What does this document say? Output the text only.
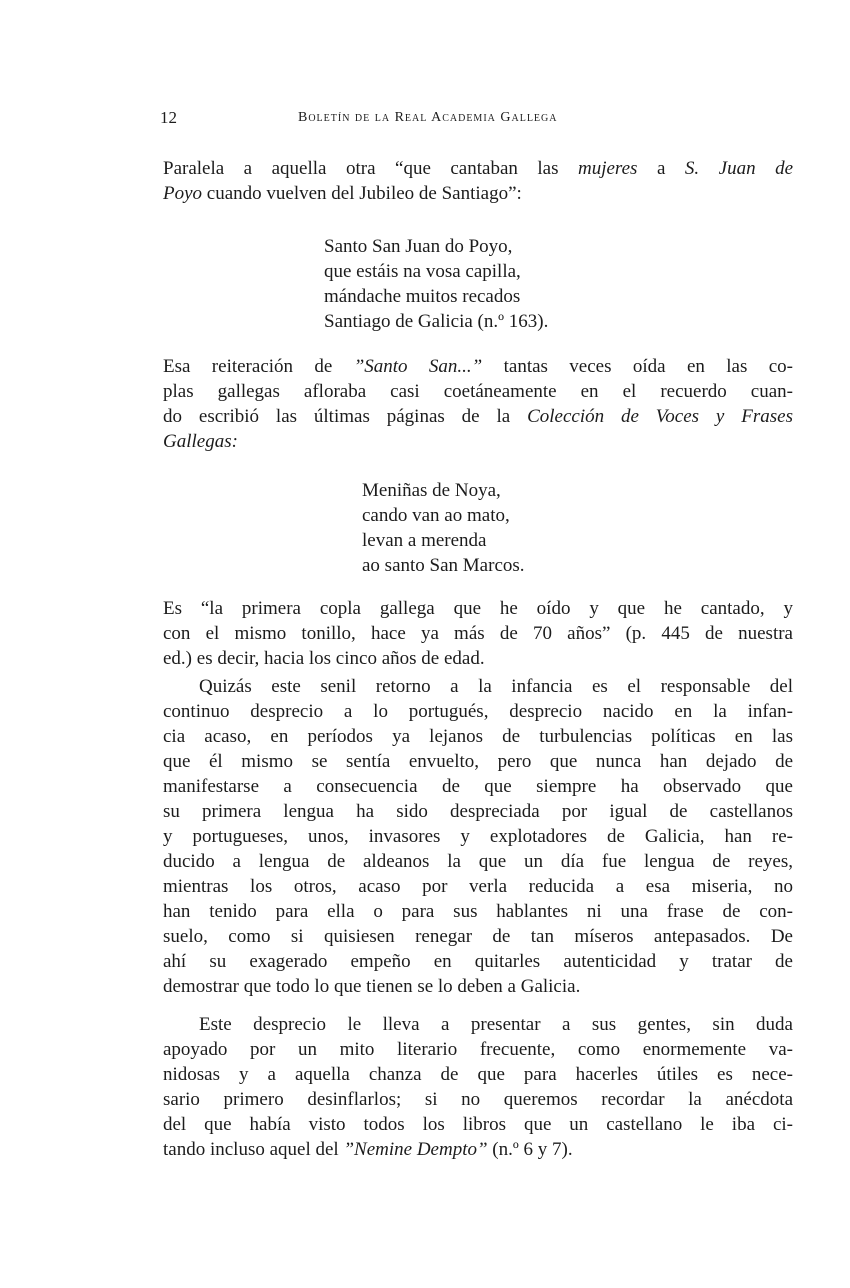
12	Boletín de la Real Academia Gallega
Paralela a aquella otra “que cantaban las mujeres a S. Juan de
Poyo cuando vuelven del Jubileo de Santiago”:
Santo San Juan do Poyo,
que estáis na vosa capilla,
mándache muitos recados
Santiago de Galicia (n.º 163).
Esa reiteración de ”Santo San...” tantas veces oída en las co-
plas gallegas afloraba casi coetáneamente en el recuerdo cuan-
do escribió las últimas páginas de la Colección de Voces y Frases
Gallegas:
Meniñas de Noya,
cando van ao mato,
levan a merenda
ao santo San Marcos.
Es “la primera copla gallega que he oído y que he cantado, y
con el mismo tonillo, hace ya más de 70 años” (p. 445 de nuestra
ed.) es decir, hacia los cinco años de edad.
Quizás este senil retorno a la infancia es el responsable del
continuo desprecio a lo portugués, desprecio nacido en la infan-
cia acaso, en períodos ya lejanos de turbulencias políticas en las
que él mismo se sentía envuelto, pero que nunca han dejado de
manifestarse a consecuencia de que siempre ha observado que
su primera lengua ha sido despreciada por igual de castellanos
y portugueses, unos, invasores y explotadores de Galicia, han re-
ducido a lengua de aldeanos la que un día fue lengua de reyes,
mientras los otros, acaso por verla reducida a esa miseria, no
han tenido para ella o para sus hablantes ni una frase de con-
suelo, como si quisiesen renegar de tan míseros antepasados. De
ahí su exagerado empeño en quitarles autenticidad y tratar de
demostrar que todo lo que tienen se lo deben a Galicia.
Este desprecio le lleva a presentar a sus gentes, sin duda
apoyado por un mito literario frecuente, como enormemente va-
nidosas y a aquella chanza de que para hacerles útiles es nece-
sario primero desinflarlos; si no queremos recordar la anécdota
del que había visto todos los libros que un castellano le iba ci-
tando incluso aquel del ”Nemine Dempto” (n.º 6 y 7).
